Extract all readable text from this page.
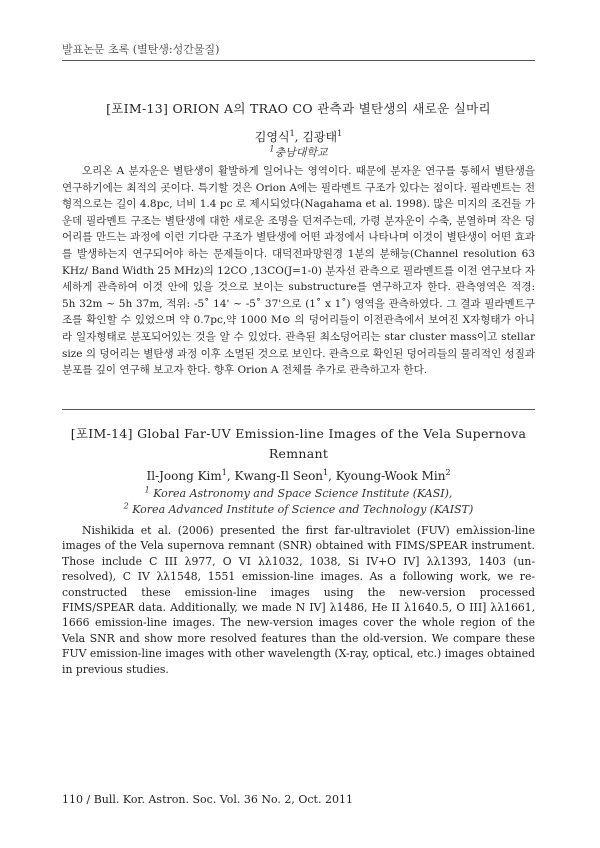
발표논문 초록 (별탄생:성간물질)
[포IM-13] ORION A의 TRAO CO 관측과 별탄생의 새로운 실마리
김영식$^1$, 김광태$^1$
$^1$충남대학교

오리온 A 분자운은 별탄생이 활발하게 일어나는 영역이다. 때문에 분자운 연구를 통해서 별탄생을 연구하기에는 최적의 곳이다. 특기할 것은 Orion A에는 필라멘트 구조가 있다는 점이다. 필라멘트는 전형적으로는 길이 4.8pc, 너비 1.4 pc 로 제시되었다(Nagahama et al. 1998). 많은 미지의 조건들 가운데 필라멘트 구조는 별탄생에 대한 새로운 조명을 던져주는데, 가령 분자운이 수축, 분열하며 작은 덩어리를 만드는 과정에 이런 기다란 구조가 별탄생에 어떤 과정에서 나타나며 이것이 별탄생이 어떤 효과를 발생하는지 연구되어야 하는 문제들이다. 대덕전파망원경 1분의 분해능(Channel resolution 63 KHz/ Band Width 25 MHz)의 12CO ,13CO(J=1-0) 분자선 관측으로 필라멘트를 이전 연구보다 자세하게 관측하여 이것 안에 있을 것으로 보이는 substructure를 연구하고자 한다. 관측영역은 적경: 5h 32m ~ 5h 37m, 적위: -5˚ 14' ~ -5˚ 37'으로 (1˚ x 1˚) 영역을 관측하였다. 그 결과 필라멘트구조를 확인할 수 있었으며 약 0.7pc,약 1000 M⊙ 의 덩어리들이 이전관측에서 보여진 X자형태가 아니라 일자형태로 분포되어있는 것을 알 수 있었다. 관측된 최소덩어리는 star cluster mass이고 stellar size 의 덩어리는 별탄생 과정 이후 소멸된 것으로 보인다. 관측으로 확인된 덩어리들의 물리적인 성질과 분포를 깊이 연구해 보고자 한다. 향후 Orion A 전체를 추가로 관측하고자 한다.

[포IM-14] Global Far-UV Emission-line Images of the Vela Supernova Remnant
Il-Joong Kim$^1$, Kwang-Il Seon$^1$, Kyoung-Wook Min$^2$
$^1$ Korea Astronomy and Space Science Institute (KASI),
$^2$ Korea Advanced Institute of Science and Technology (KAIST)

Nishikida et al. (2006) presented the first far-ultraviolet (FUV) emλission-line images of the Vela supernova remnant (SNR) obtained with FIMS/SPEAR instrument. Those include C III λ977, O VI λλ1032, 1038, Si IV+O IV] λλ1393, 1403 (un-resolved), C IV λλ1548, 1551 emission-line images. As a following work, we re-constructed these emission-line images using the new-version processed FIMS/SPEAR data. Additionally, we made N IV] λ1486, He II λ1640.5, O III] λλ1661, 1666 emission-line images. The new-version images cover the whole region of the Vela SNR and show more resolved features than the old-version. We compare these FUV emission-line images with other wavelength (X-ray, optical, etc.) images obtained in previous studies.

110 / Bull. Kor. Astron. Soc. Vol. 36 No. 2, Oct. 2011
